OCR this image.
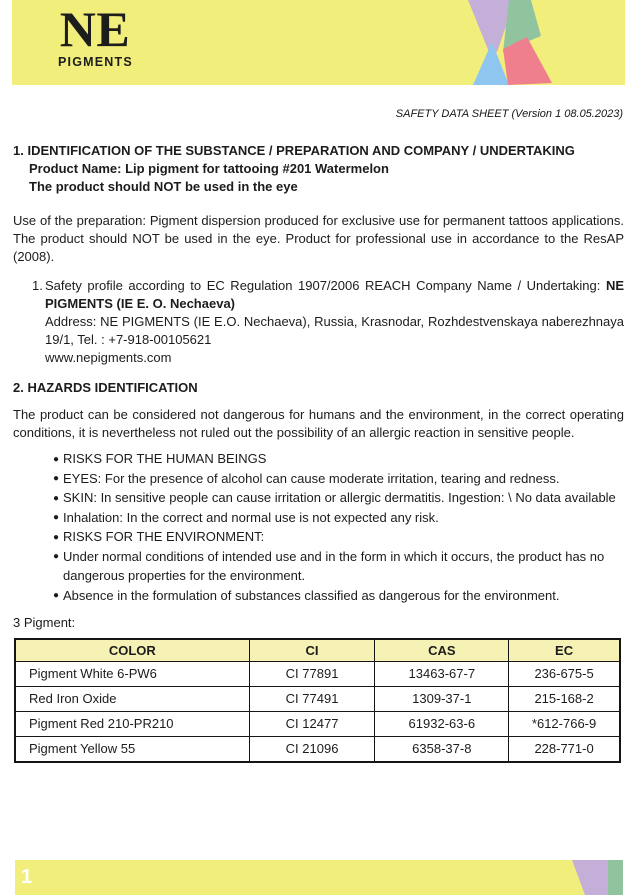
NE
PIGMENTS
SAFETY DATA SHEET (Version 1 08.05.2023)
1. IDENTIFICATION OF THE SUBSTANCE / PREPARATION AND COMPANY / UNDERTAKING
Product Name: Lip pigment for tattooing #201 Watermelon
The product should NOT be used in the eye
Use of the preparation: Pigment dispersion produced for exclusive use for permanent tattoos applications. The product should NOT be used in the eye. Product for professional use in accordance to the ResAP (2008).
1. Safety profile according to EC Regulation 1907/2006 REACH Company Name / Undertaking: NE PIGMENTS (IE E. O. Nechaeva)
Address: NE PIGMENTS (IE E.O. Nechaeva), Russia, Krasnodar, Rozhdestvenskaya naberezhnaya 19/1, Tel. : +7-918-00105621
www.nepigments.com
2. HAZARDS IDENTIFICATION
The product can be considered not dangerous for humans and the environment, in the correct operating conditions, it is nevertheless not ruled out the possibility of an allergic reaction in sensitive people.
● RISKS FOR THE HUMAN BEINGS
● EYES: For the presence of alcohol can cause moderate irritation, tearing and redness.
● SKIN: In sensitive people can cause irritation or allergic dermatitis. Ingestion: \ No data available
● Inhalation: In the correct and normal use is not expected any risk.
● RISKS FOR THE ENVIRONMENT:
● Under normal conditions of intended use and in the form in which it occurs, the product has no dangerous properties for the environment.
● Absence in the formulation of substances classified as dangerous for the environment.
3 Pigment:
COLOR	CI	CAS	EC
Pigment White 6-PW6	CI 77891	13463-67-7	236-675-5
Red Iron Oxide	CI 77491	1309-37-1	215-168-2
Pigment Red 210-PR210	CI 12477	61932-63-6	*612-766-9
Pigment Yellow 55	CI 21096	6358-37-8	228-771-0
1
